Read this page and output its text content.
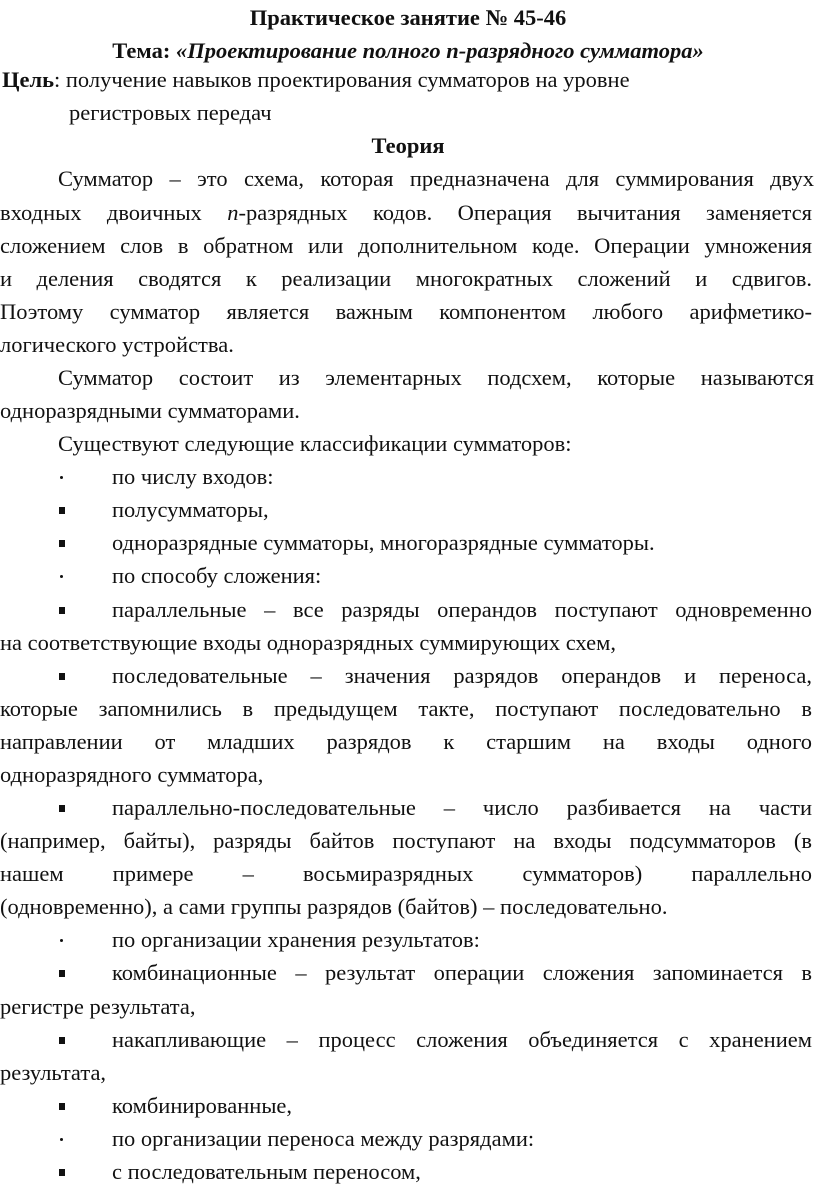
Практическое занятие № 45-46
Тема: «Проектирование полного n-разрядного сумматора»
Цель: получение навыков проектирования сумматоров на уровне
регистровых передач
Теория
Сумматор – это схема, которая предназначена для суммирования двух
входных двоичных n-разрядных кодов. Операция вычитания заменяется
сложением слов в обратном или дополнительном коде. Операции умножения
и деления сводятся к реализации многократных сложений и сдвигов.
Поэтому сумматор является важным компонентом любого арифметико-
логического устройства.
Сумматор состоит из элементарных подсхем, которые называются
одноразрядными сумматорами.
Существуют следующие классификации сумматоров:
по числу входов:
полусумматоры,
одноразрядные сумматоры, многоразрядные сумматоры.
по способу сложения:
параллельные – все разряды операндов поступают одновременно
на соответствующие входы одноразрядных суммирующих схем,
последовательные – значения разрядов операндов и переноса,
которые запомнились в предыдущем такте, поступают последовательно в
направлении от младших разрядов к старшим на входы одного
одноразрядного сумматора,
параллельно-последовательные – число разбивается на части
(например, байты), разряды байтов поступают на входы подсумматоров (в
нашем примере – восьмиразрядных сумматоров) параллельно
(одновременно), а сами группы разрядов (байтов) – последовательно.
по организации хранения результатов:
комбинационные – результат операции сложения запоминается в
регистре результата,
накапливающие – процесс сложения объединяется с хранением
результата,
комбинированные,
по организации переноса между разрядами:
с последовательным переносом,
